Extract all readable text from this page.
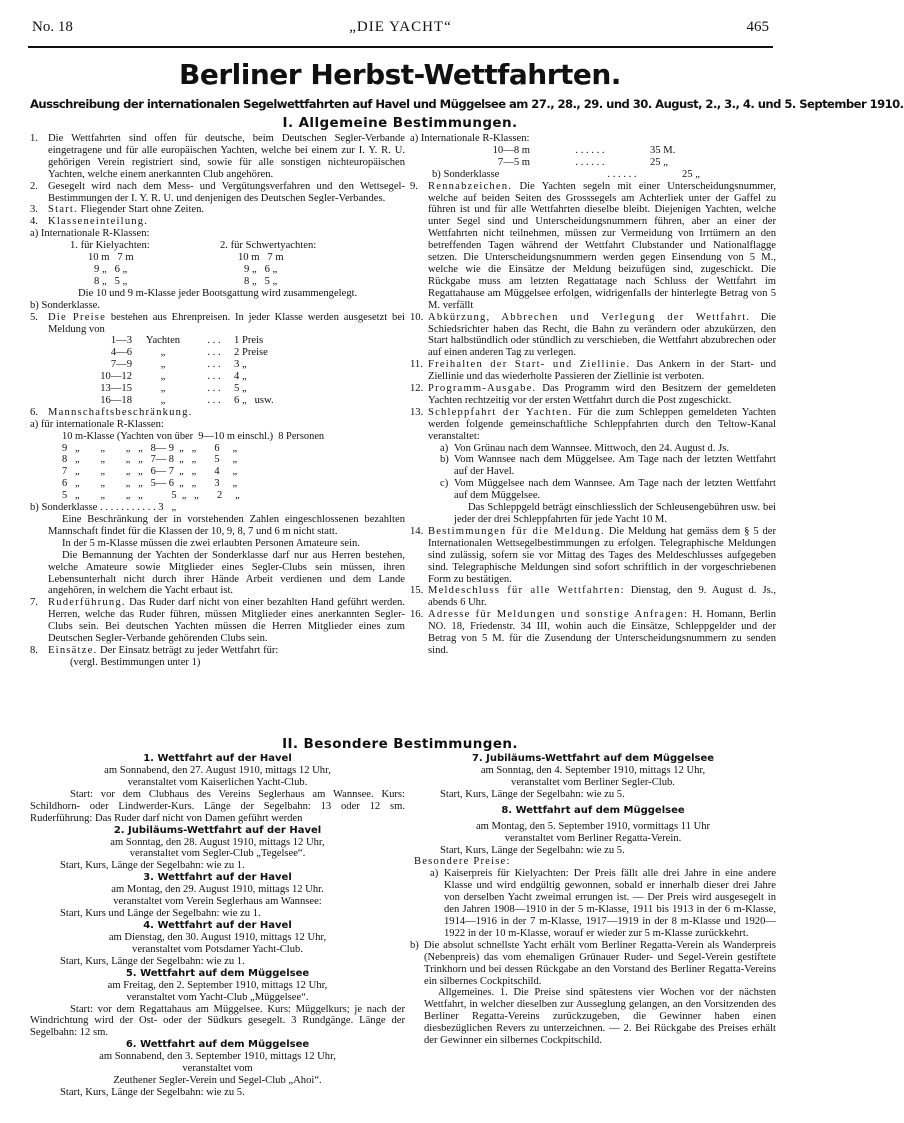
No. 18	„DIE YACHT“	465
Berliner Herbst-Wettfahrten.
Ausschreibung der internationalen Segelwettfahrten auf Havel und Müggelsee am 27., 28., 29. und 30. August, 2., 3., 4. und 5. September 1910.
I. Allgemeine Bestimmungen.

1. Die Wettfahrten sind offen für deutsche, beim Deutschen Segler-Verbande eingetragene und für alle europäischen Yachten, welche bei einem zur I. Y. R. U. gehörigen Verein registriert sind, sowie für alle sonstigen nichteuropäischen Yachten, welche einem anerkannten Club angehören.

2. Gesegelt wird nach dem Mess- und Vergütungsverfahren und den Wettsegel-Bestimmungen der I. Y. R. U. und denjenigen des Deutschen Segler-Verbandes.

3. Start. Fliegender Start ohne Zeiten.

4. Klasseneinteilung.

a) Internationale R-Klassen:

1. für Kielyachten:
10 m   7 m
9 „   6 „
8 „   5 „
2. für Schwertyachten:
10 m   7 m
9 „   6 „
8 „   5 „

Die 10 und 9 m-Klasse jeder Bootsgattung wird zusammengelegt.

b) Sonderklasse.

5. Die Preise bestehen aus Ehrenpreisen. In jeder Klasse werden ausgesetzt bei Meldung von

1—3	Yachten	. . .	1 Preis
4—6	„	. . .	2 Preise
7—9	„	. . .	3 „
10—12	„	. . .	4 „
13—15	„	. . .	5 „
16—18	„	. . .	6 „   usw.

6. Mannschaftsbeschränkung.

a) für internationale R-Klassen:

10 m-Klasse (Yachten von über  9—10 m einschl.)  8 Personen
9   „        „        „   „   8— 9  „   „       6     „
8   „        „        „   „   7— 8  „   „       5     „
7   „        „        „   „   6— 7  „   „       4     „
6   „        „        „   „   5— 6  „   „       3     „
5   „        „        „   „           5  „   „       2     „

b) Sonderklasse . . . . . . . . . . . 3   „

Eine Beschränkung der in vorstehenden Zahlen eingeschlossenen bezahlten Mannschaft findet für die Klassen der 10, 9, 8, 7 und 6 m nicht statt.

In der 5 m-Klasse müssen die zwei erlaubten Personen Amateure sein.

Die Bemannung der Yachten der Sonderklasse darf nur aus Herren bestehen, welche Amateure sowie Mitglieder eines Segler-Clubs sein müssen, ihren Lebensunterhalt nicht durch ihrer Hände Arbeit verdienen und dem Lande angehören, in welchem die Yacht erbaut ist.

7. Ruderführung. Das Ruder darf nicht von einer bezahlten Hand geführt werden. Herren, welche das Ruder führen, müssen Mitglieder eines anerkannten Segler-Clubs sein. Bei deutschen Yachten müssen die Herren Mitglieder eines zum Deutschen Segler-Verbande gehörenden Clubs sein.

8. Einsätze. Der Einsatz beträgt zu jeder Wettfahrt für:

(vergl. Bestimmungen unter 1)

a) Internationale R-Klassen:

10—8 m	. . . . . .	35 M.
7—5 m	. . . . . .	25 „
b) Sonderklasse	. . . . . .	25 „

9. Rennabzeichen. Die Yachten segeln mit einer Unterscheidungsnummer, welche auf beiden Seiten des Grosssegels am Achterliek unter der Gaffel zu führen ist und für alle Wettfahrten dieselbe bleibt. Diejenigen Yachten, welche unter Segel sind und Unterscheidungsnummern führen, aber an einer der Wettfahrten nicht teilnehmen, müssen zur Vermeidung von Irrtümern an den betreffenden Tagen während der Wettfahrt Clubstander und Nationalflagge setzen. Die Unterscheidungsnummern werden gegen Einsendung von 5 M., welche wie die Einsätze der Meldung beizufügen sind, zugeschickt. Die Rückgabe muss am letzten Regattatage nach Schluss der Wettfahrt im Regattahause am Müggelsee erfolgen, widrigenfalls der hinterlegte Betrag von 5 M. verfällt

10. Abkürzung, Abbrechen und Verlegung der Wettfahrt. Die Schiedsrichter haben das Recht, die Bahn zu verändern oder abzukürzen, den Start halbstündlich oder stündlich zu verschieben, die Wettfahrt abzubrechen oder auf einen anderen Tag zu verlegen.

11. Freihalten der Start- und Ziellinie. Das Ankern in der Start- und Ziellinie und das wiederholte Passieren der Ziellinie ist verboten.

12. Programm-Ausgabe. Das Programm wird den Besitzern der gemeldeten Yachten rechtzeitig vor der ersten Wettfahrt durch die Post zugeschickt.

13. Schleppfahrt der Yachten. Für die zum Schleppen gemeldeten Yachten werden folgende gemeinschaftliche Schleppfahrten durch den Teltow-Kanal veranstaltet:

a) Von Grünau nach dem Wannsee. Mittwoch, den 24. August d. Js.

b) Vom Wannsee nach dem Müggelsee. Am Tage nach der letzten Wettfahrt auf der Havel.

c) Vom Müggelsee nach dem Wannsee. Am Tage nach der letzten Wettfahrt auf dem Müggelsee.

Das Schleppgeld beträgt einschliesslich der Schleusengebühren usw. bei jeder der drei Schleppfahrten für jede Yacht 10 M.

14. Bestimmungen für die Meldung. Die Meldung hat gemäss dem § 5 der Internationalen Wettsegelbestimmungen zu erfolgen. Telegraphische Meldungen sind zulässig, sofern sie vor Mittag des Tages des Meldeschlusses aufgegeben sind. Telegraphische Meldungen sind sofort schriftlich in der vorgeschriebenen Form zu bestätigen.

15. Meldeschluss für alle Wettfahrten: Dienstag, den 9. August d. Js., abends 6 Uhr.

16. Adresse für Meldungen und sonstige Anfragen: H. Homann, Berlin NO. 18, Friedenstr. 34 III, wohin auch die Einsätze, Schleppgelder und der Betrag von 5 M. für die Zusendung der Unterscheidungsnummern zu senden sind.

II. Besondere Bestimmungen.
1. Wettfahrt auf der Havel

am Sonnabend, den 27. August 1910, mittags 12 Uhr,

veranstaltet vom Kaiserlichen Yacht-Club.

Start: vor dem Clubhaus des Vereins Seglerhaus am Wannsee. Kurs: Schildhorn- oder Lindwerder-Kurs. Länge der Segelbahn: 13 oder 12 sm. Ruderführung: Das Ruder darf nicht von Damen geführt werden

2. Jubiläums-Wettfahrt auf der Havel

am Sonntag, den 28. August 1910, mittags 12 Uhr,

veranstaltet vom Segler-Club „Tegelsee“.

Start, Kurs, Länge der Segelbahn: wie zu 1.

3. Wettfahrt auf der Havel

am Montag, den 29. August 1910, mittags 12 Uhr.

veranstaltet vom Verein Seglerhaus am Wannsee:

Start, Kurs und Länge der Segelbahn: wie zu 1.

4. Wettfahrt auf der Havel

am Dienstag, den 30. August 1910, mittags 12 Uhr,

veranstaltet vom Potsdamer Yacht-Club.

Start, Kurs, Länge der Segelbahn: wie zu 1.

5. Wettfahrt auf dem Müggelsee

am Freitag, den 2. September 1910, mittags 12 Uhr,

veranstaltet vom Yacht-Club „Müggelsee“.

Start: vor dem Regattahaus am Müggelsee. Kurs: Müggelkurs; je nach der Windrichtung wird der Ost- oder der Südkurs gesegelt. 3 Rundgänge. Länge der Segelbahn: 12 sm.

6. Wettfahrt auf dem Müggelsee

am Sonnabend, den 3. September 1910, mittags 12 Uhr,

veranstaltet vom

Zeuthener Segler-Verein und Segel-Club „Ahoi“.

Start, Kurs, Länge der Segelbahn: wie zu 5.

7. Jubiläums-Wettfahrt auf dem Müggelsee

am Sonntag, den 4. September 1910, mittags 12 Uhr,

veranstaltet vom Berliner Segler-Club.

Start, Kurs, Länge der Segelbahn: wie zu 5.

8. Wettfahrt auf dem Müggelsee

am Montag, den 5. September 1910, vormittags 11 Uhr

veranstaltet vom Berliner Regatta-Verein.

Start, Kurs, Länge der Segelbahn: wie zu 5.

Besondere Preise:

a) Kaiserpreis für Kielyachten: Der Preis fällt alle drei Jahre in eine andere Klasse und wird endgültig gewonnen, sobald er innerhalb dieser drei Jahre von derselben Yacht zweimal errungen ist. — Der Preis wird ausgesegelt in den Jahren 1908—1910 in der 5 m-Klasse, 1911 bis 1913 in der 6 m-Klasse, 1914—1916 in der 7 m-Klasse, 1917—1919 in der 8 m-Klasse und 1920—1922 in der 10 m-Klasse, worauf er wieder zur 5 m-Klasse zurückkehrt.

b) Die absolut schnellste Yacht erhält vom Berliner Regatta-Verein als Wanderpreis (Nebenpreis) das vom ehemaligen Grünauer Ruder- und Segel-Verein gestiftete Trinkhorn und bei dessen Rückgabe an den Vorstand des Berliner Regatta-Vereins ein silbernes Cockpitschild.

Allgemeines. 1. Die Preise sind spätestens vier Wochen vor der nächsten Wettfahrt, in welcher dieselben zur Ausseglung gelangen, an den Vorsitzenden des Berliner Regatta-Vereins zurückzugeben, die Gewinner haben einen diesbezüglichen Revers zu unterzeichnen. — 2. Bei Rückgabe des Preises erhält der Gewinner ein silbernes Cockpitschild.
